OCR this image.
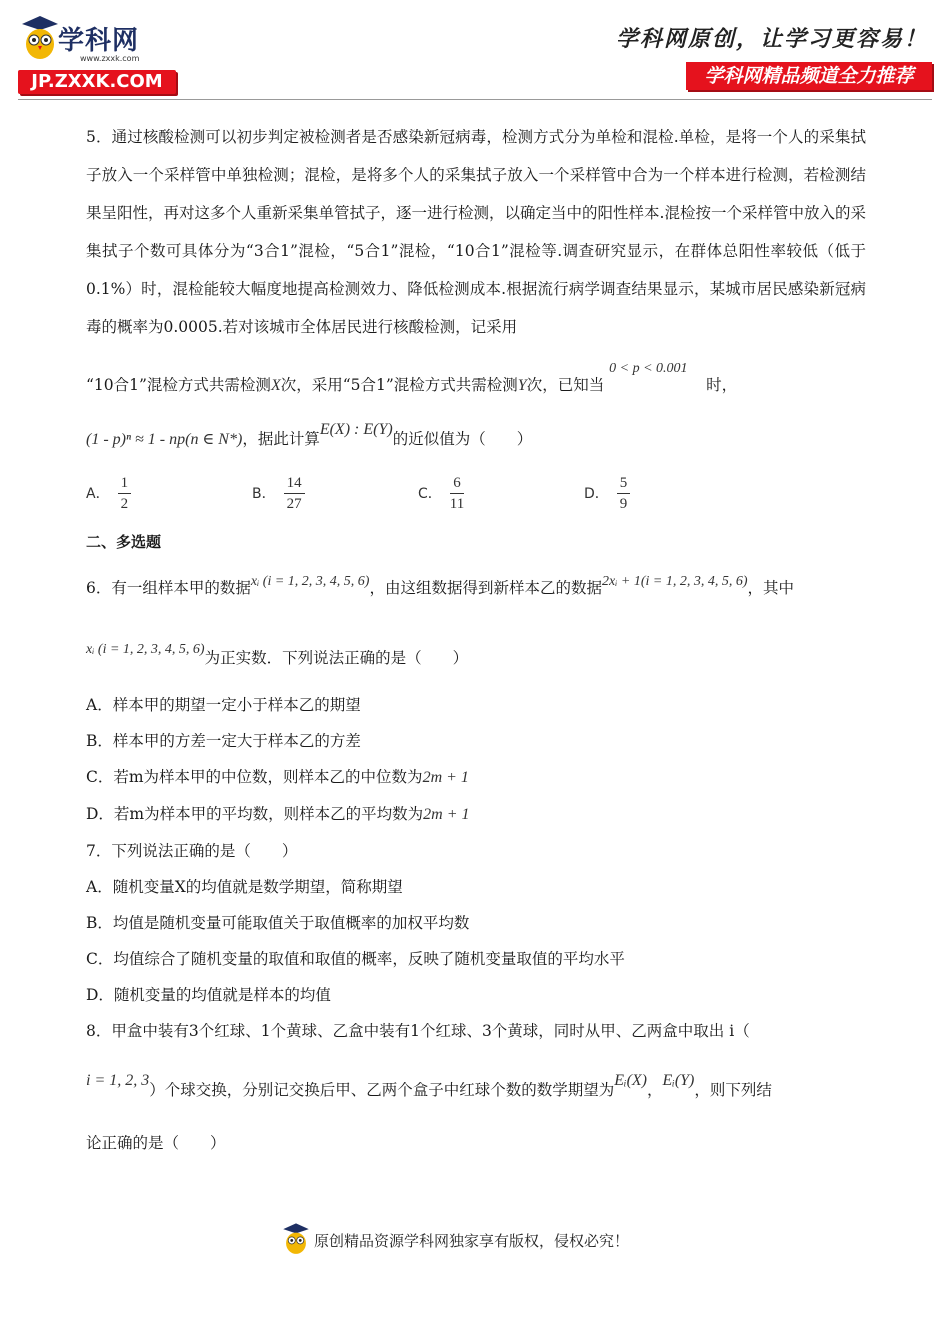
学科网
www.zxxk.com
JP.ZXXK.COM
学科网原创，让学习更容易！
学科网精品频道全力推荐

5．通过核酸检测可以初步判定被检测者是否感染新冠病毒，检测方式分为单检和混检.单检，是将一个人的采集拭子放入一个采样管中单独检测；混检，是将多个人的采集拭子放入一个采样管中合为一个样本进行检测，若检测结果呈阳性，再对这多个人重新采集单管拭子，逐一进行检测，以确定当中的阳性样本.混检按一个采样管中放入的采集拭子个数可具体分为“3合1”混检，“5合1”混检，“10合1”混检等.调查研究显示，在群体总阳性率较低（低于0.1%）时，混检能较大幅度地提高检测效力、降低检测成本.根据流行病学调查结果显示，某城市居民感染新冠病毒的概率为0.0005.若对该城市全体居民进行核酸检测，记采用

“10合1”混检方式共需检测X次，采用“5合1”混检方式共需检测Y次，已知当 0 < p < 0.001 时，

(1 - p)ⁿ ≈ 1 - np(n ∈ N*)，据此计算E(X) : E(Y)的近似值为（　　）

A． $\frac{1}{2}$	B． $\frac{14}{27}$	C． $\frac{6}{11}$	D． $\frac{5}{9}$

二、多选题

6．有一组样本甲的数据xᵢ (i = 1, 2, 3, 4, 5, 6)，由这组数据得到新样本乙的数据2xᵢ + 1(i = 1, 2, 3, 4, 5, 6)，其中

xᵢ (i = 1, 2, 3, 4, 5, 6)为正实数．下列说法正确的是（　　）

A．样本甲的期望一定小于样本乙的期望

B．样本甲的方差一定大于样本乙的方差

C．若m为样本甲的中位数，则样本乙的中位数为2m + 1

D．若m为样本甲的平均数，则样本乙的平均数为2m + 1

7．下列说法正确的是（　　）

A．随机变量X的均值就是数学期望，简称期望

B．均值是随机变量可能取值关于取值概率的加权平均数

C．均值综合了随机变量的取值和取值的概率，反映了随机变量取值的平均水平

D．随机变量的均值就是样本的均值

8．甲盒中装有3个红球、1个黄球、乙盒中装有1个红球、3个黄球，同时从甲、乙两盒中取出 i（

i = 1, 2, 3）个球交换，分别记交换后甲、乙两个盒子中红球个数的数学期望为Eᵢ(X)，Eᵢ(Y)，则下列结

论正确的是（　　）

原创精品资源学科网独家享有版权，侵权必究！
